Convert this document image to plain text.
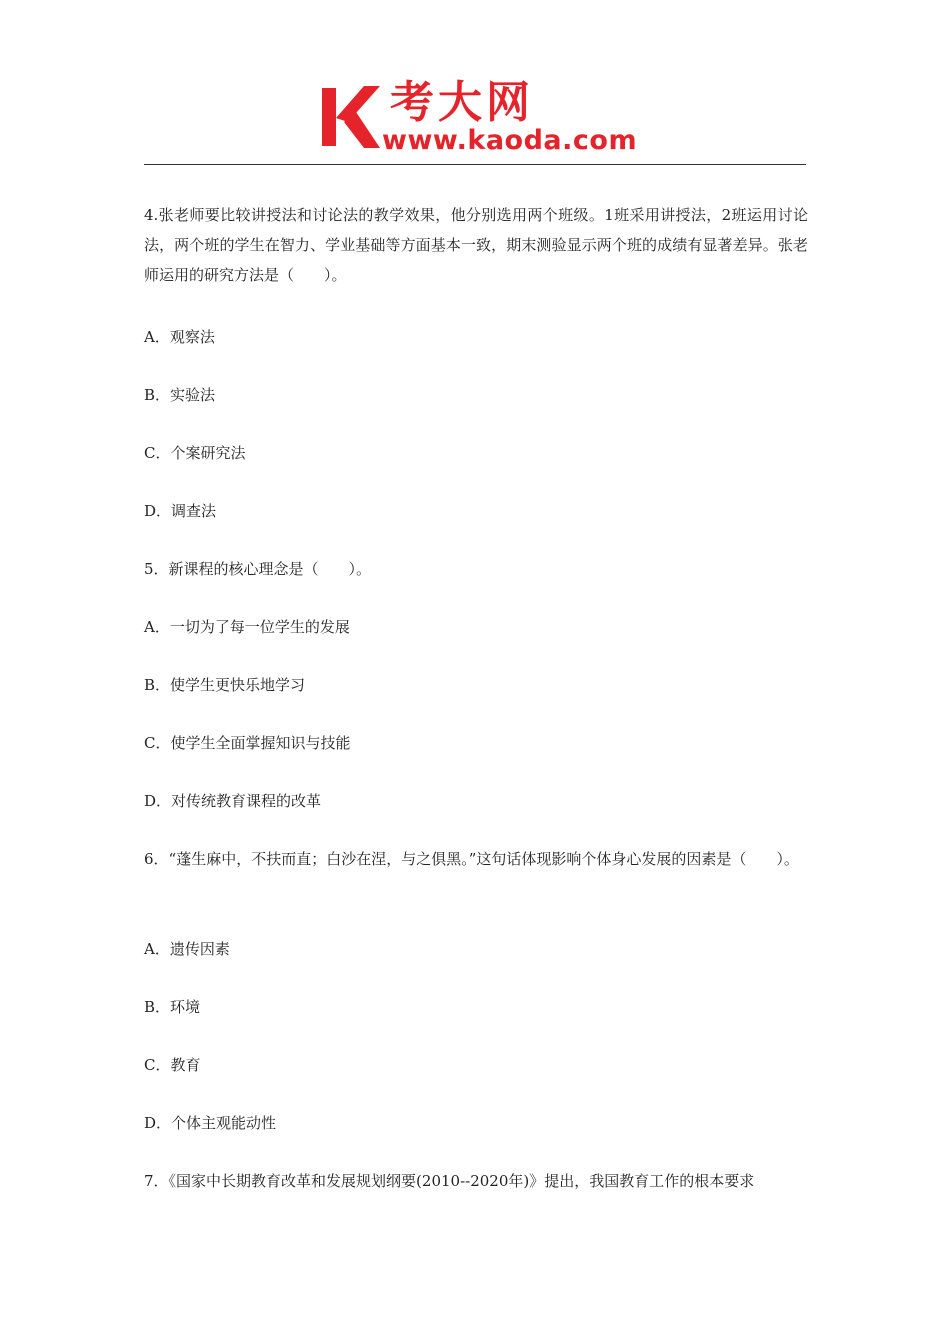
考大网
www.kaoda.com
4.张老师要比较讲授法和讨论法的教学效果，他分别选用两个班级。1班采用讲授法，2班运用讨论法，两个班的学生在智力、学业基础等方面基本一致，期末测验显示两个班的成绩有显著差异。张老师运用的研究方法是（　　）。
A．观察法
B．实验法
C．个案研究法
D．调查法
5．新课程的核心理念是（　　）。
A．一切为了每一位学生的发展
B．使学生更快乐地学习
C．使学生全面掌握知识与技能
D．对传统教育课程的改革
6．“蓬生麻中，不扶而直；白沙在涅，与之俱黑。”这句话体现影响个体身心发展的因素是（　　）。
A．遗传因素
B．环境
C．教育
D．个体主观能动性
7．《国家中长期教育改革和发展规划纲要(2010--2020年)》提出，我国教育工作的根本要求
